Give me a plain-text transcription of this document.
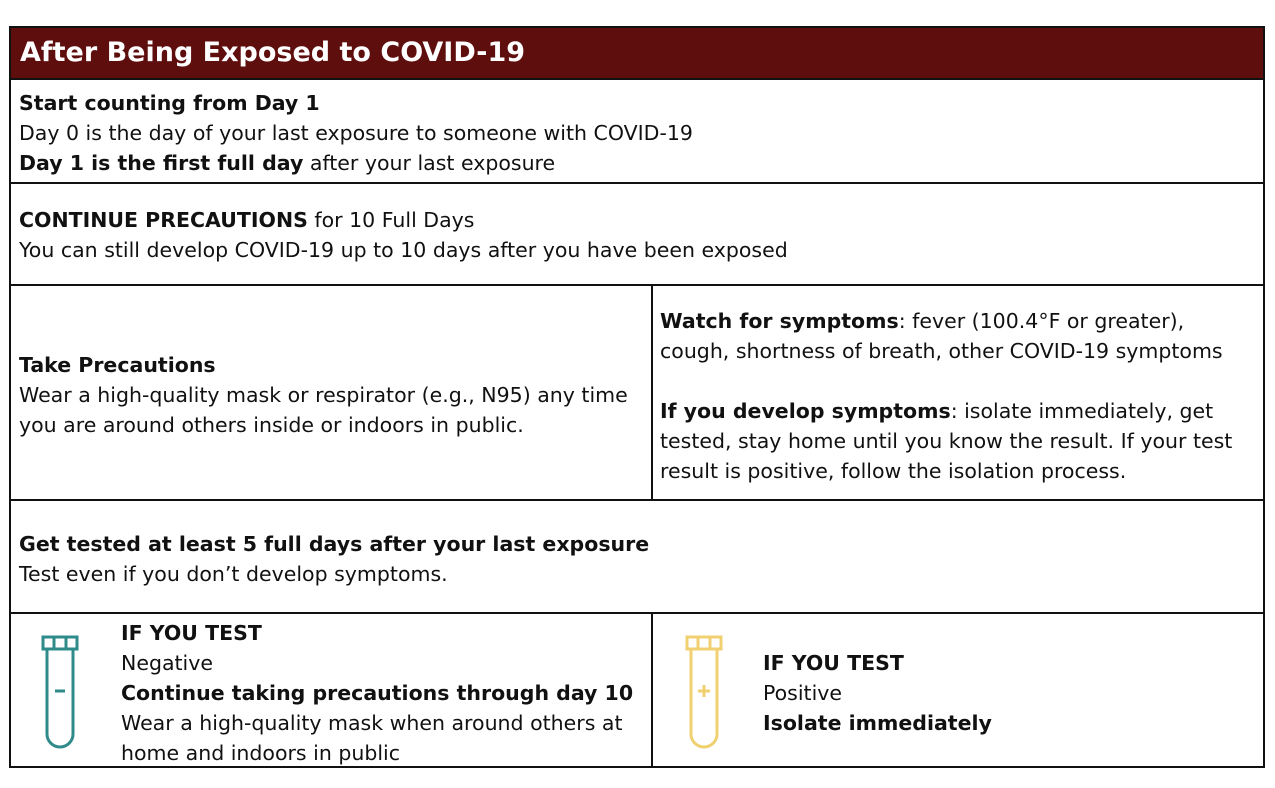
After Being Exposed to COVID-19
Start counting from Day 1
Day 0 is the day of your last exposure to someone with COVID-19
Day 1 is the first full day after your last exposure
CONTINUE PRECAUTIONS for 10 Full Days
You can still develop COVID-19 up to 10 days after you have been exposed
Take Precautions
Wear a high-quality mask or respirator (e.g., N95) any time you are around others inside or indoors in public.
Watch for symptoms: fever (100.4°F or greater), cough, shortness of breath, other COVID-19 symptoms
If you develop symptoms: isolate immediately, get tested, stay home until you know the result. If your test result is positive, follow the isolation process.
Get tested at least 5 full days after your last exposure
Test even if you don’t develop symptoms.
IF YOU TEST
Negative
Continue taking precautions through day 10
Wear a high-quality mask when around others at home and indoors in public
IF YOU TEST
Positive
Isolate immediately
